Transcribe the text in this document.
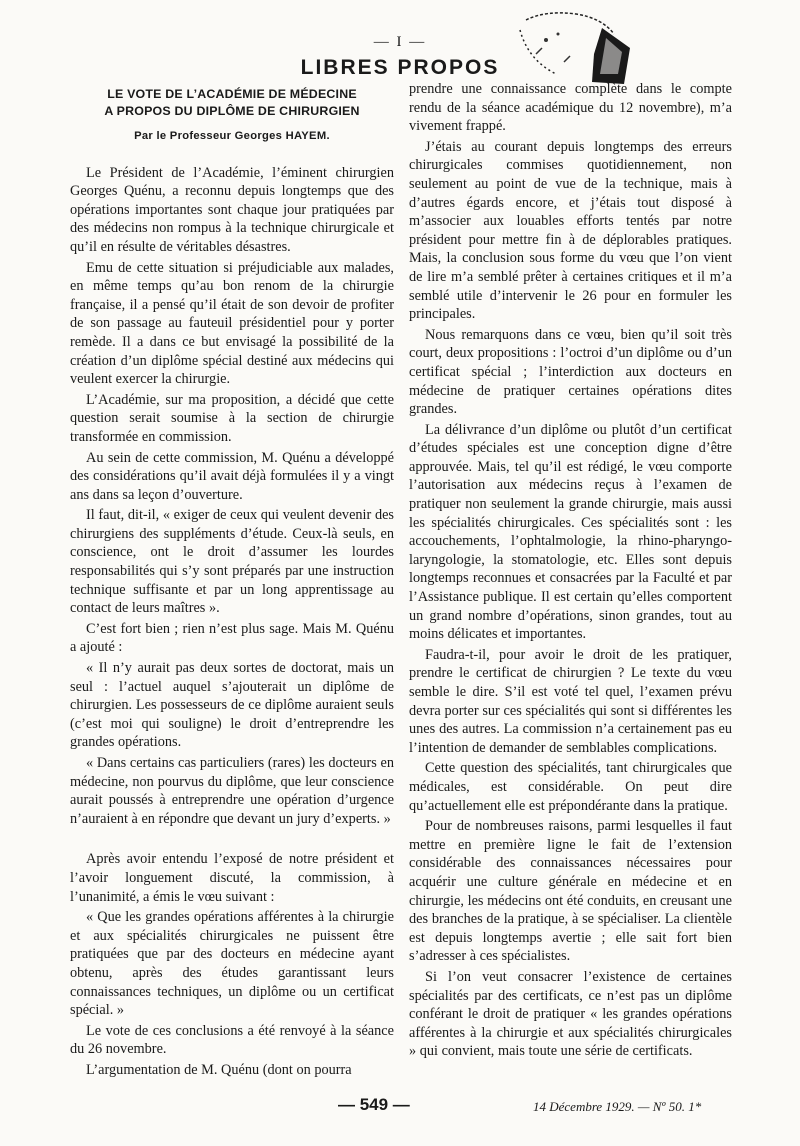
— I —
LIBRES PROPOS
LE VOTE DE L’ACADÉMIE DE MÉDECINE
A PROPOS DU DIPLÔME DE CHIRURGIEN
Par le Professeur Georges HAYEM.

Le Président de l’Académie, l’éminent chirurgien Georges Quénu, a reconnu depuis longtemps que des opérations importantes sont chaque jour pratiquées par des médecins non rompus à la technique chirurgicale et qu’il en résulte de véritables désastres.

Emu de cette situation si préjudiciable aux malades, en même temps qu’au bon renom de la chirurgie française, il a pensé qu’il était de son devoir de profiter de son passage au fauteuil présidentiel pour y porter remède. Il a dans ce but envisagé la possibilité de la création d’un diplôme spécial destiné aux médecins qui veulent exercer la chirurgie.

L’Académie, sur ma proposition, a décidé que cette question serait soumise à la section de chirurgie transformée en commission.

Au sein de cette commission, M. Quénu a développé des considérations qu’il avait déjà formulées il y a vingt ans dans sa leçon d’ouverture.

Il faut, dit-il, « exiger de ceux qui veulent devenir des chirurgiens des suppléments d’étude. Ceux-là seuls, en conscience, ont le droit d’assumer les lourdes responsabilités qui s’y sont préparés par une instruction technique suffisante et par un long apprentissage au contact de leurs maîtres ».

C’est fort bien ; rien n’est plus sage. Mais M. Quénu a ajouté :

« Il n’y aurait pas deux sortes de doctorat, mais un seul : l’actuel auquel s’ajouterait un diplôme de chirurgien. Les possesseurs de ce diplôme auraient seuls (c’est moi qui souligne) le droit d’entreprendre les grandes opérations.

« Dans certains cas particuliers (rares) les docteurs en médecine, non pourvus du diplôme, que leur conscience aurait poussés à entreprendre une opération d’urgence n’auraient à en répondre que devant un jury d’experts. »

Après avoir entendu l’exposé de notre président et l’avoir longuement discuté, la commission, à l’unanimité, a émis le vœu suivant :

« Que les grandes opérations afférentes à la chirurgie et aux spécialités chirurgicales ne puissent être pratiquées que par des docteurs en médecine ayant obtenu, après des études garantissant leurs connaissances techniques, un diplôme ou un certificat spécial. »

Le vote de ces conclusions a été renvoyé à la séance du 26 novembre.

L’argumentation de M. Quénu (dont on pourra

prendre une connaissance complète dans le compte rendu de la séance académique du 12 novembre), m’a vivement frappé.

J’étais au courant depuis longtemps des erreurs chirurgicales commises quotidiennement, non seulement au point de vue de la technique, mais à d’autres égards encore, et j’étais tout disposé à m’associer aux louables efforts tentés par notre président pour mettre fin à de déplorables pratiques. Mais, la conclusion sous forme du vœu que l’on vient de lire m’a semblé prêter à certaines critiques et il m’a semblé utile d’intervenir le 26 pour en formuler les principales.

Nous remarquons dans ce vœu, bien qu’il soit très court, deux propositions : l’octroi d’un diplôme ou d’un certificat spécial ; l’interdiction aux docteurs en médecine de pratiquer certaines opérations dites grandes.

La délivrance d’un diplôme ou plutôt d’un certificat d’études spéciales est une conception digne d’être approuvée. Mais, tel qu’il est rédigé, le vœu comporte l’autorisation aux médecins reçus à l’examen de pratiquer non seulement la grande chirurgie, mais aussi les spécialités chirurgicales. Ces spécialités sont : les accouchements, l’ophtalmologie, la rhino-pharyngo-laryngologie, la stomatologie, etc. Elles sont depuis longtemps reconnues et consacrées par la Faculté et par l’Assistance publique. Il est certain qu’elles comportent un grand nombre d’opérations, sinon grandes, tout au moins délicates et importantes.

Faudra-t-il, pour avoir le droit de les pratiquer, prendre le certificat de chirurgien ? Le texte du vœu semble le dire. S’il est voté tel quel, l’examen prévu devra porter sur ces spécialités qui sont si différentes les unes des autres. La commission n’a certainement pas eu l’intention de demander de semblables complications.

Cette question des spécialités, tant chirurgicales que médicales, est considérable. On peut dire qu’actuellement elle est prépondérante dans la pratique.

Pour de nombreuses raisons, parmi lesquelles il faut mettre en première ligne le fait de l’extension considérable des connaissances nécessaires pour acquérir une culture générale en médecine et en chirurgie, les médecins ont été conduits, en creusant une des branches de la pratique, à se spécialiser. La clientèle est depuis longtemps avertie ; elle sait fort bien s’adresser à ces spécialistes.

Si l’on veut consacrer l’existence de certaines spécialités par des certificats, ce n’est pas un diplôme conférant le droit de pratiquer « les grandes opérations afférentes à la chirurgie et aux spécialités chirurgicales » qui convient, mais toute une série de certificats.

— 549 —	14 Décembre 1929. — Nº 50. 1*
